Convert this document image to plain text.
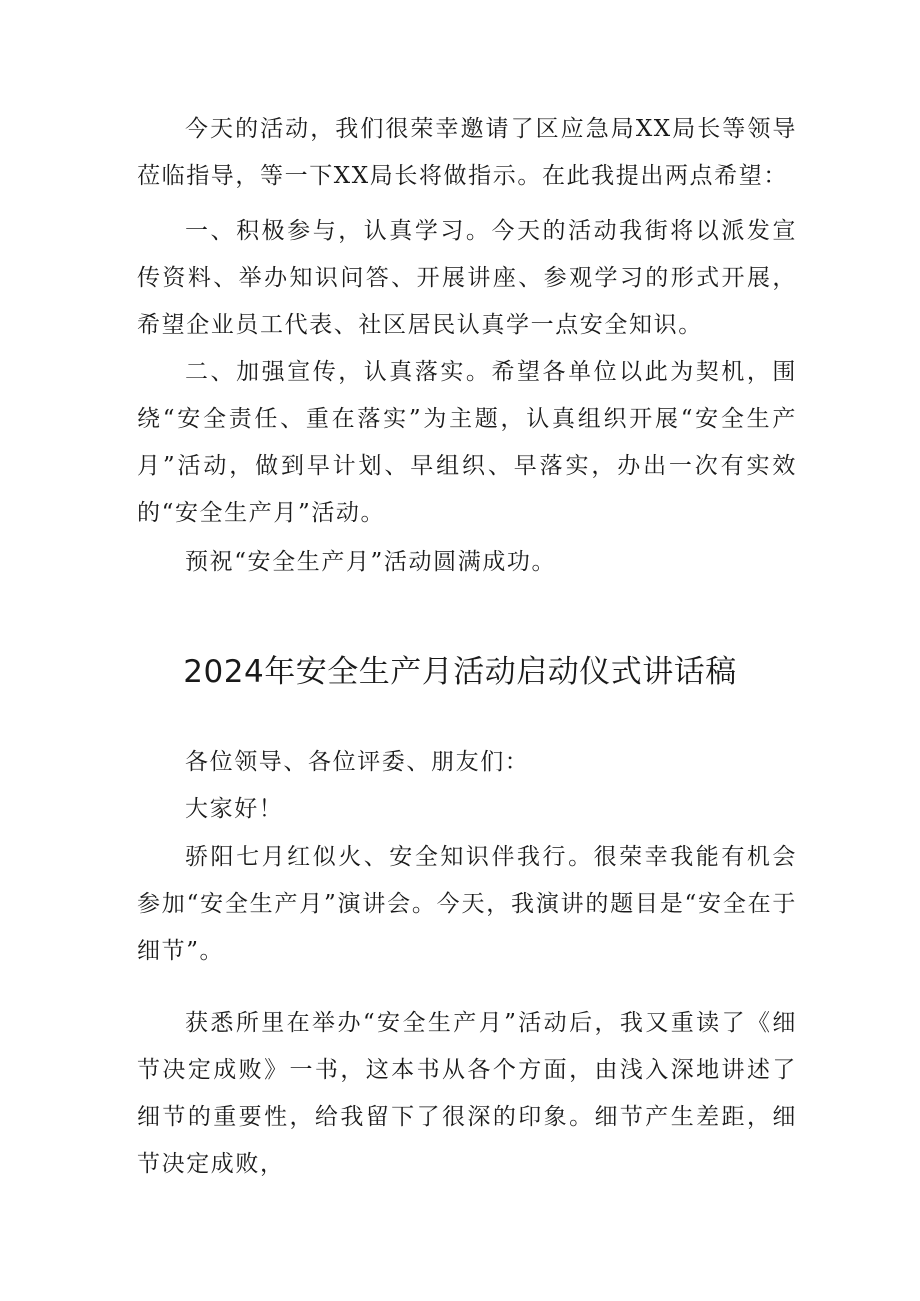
今天的活动，我们很荣幸邀请了区应急局XX局长等领导莅临指导，等一下XX局长将做指示。在此我提出两点希望：

一、积极参与，认真学习。今天的活动我街将以派发宣传资料、举办知识问答、开展讲座、参观学习的形式开展，希望企业员工代表、社区居民认真学一点安全知识。

二、加强宣传，认真落实。希望各单位以此为契机，围绕“安全责任、重在落实”为主题，认真组织开展“安全生产月”活动，做到早计划、早组织、早落实，办出一次有实效的“安全生产月”活动。

预祝“安全生产月”活动圆满成功。

2024年安全生产月活动启动仪式讲话稿

各位领导、各位评委、朋友们：

大家好！

骄阳七月红似火、安全知识伴我行。很荣幸我能有机会参加“安全生产月”演讲会。今天，我演讲的题目是“安全在于细节”。

获悉所里在举办“安全生产月”活动后，我又重读了《细节决定成败》一书，这本书从各个方面，由浅入深地讲述了细节的重要性，给我留下了很深的印象。细节产生差距，细节决定成败，
